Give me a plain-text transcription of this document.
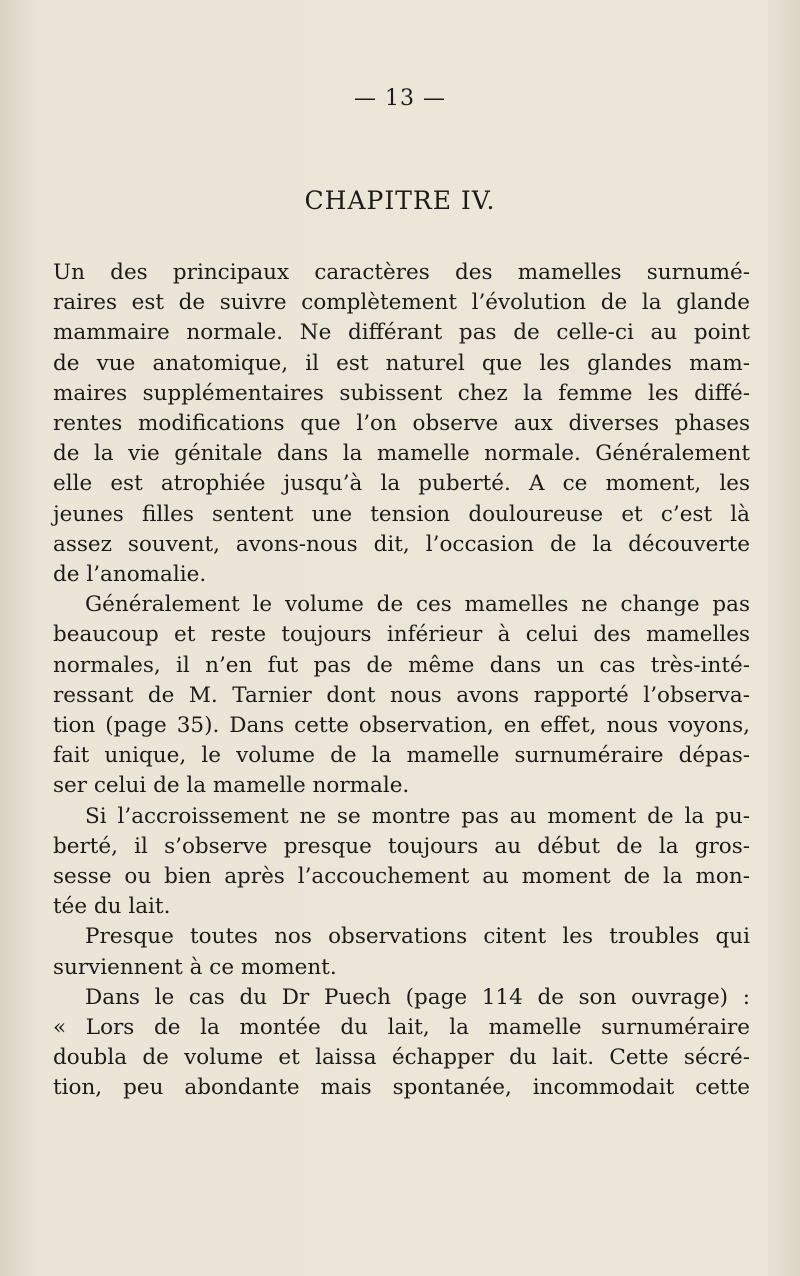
— 13 —
CHAPITRE IV.
Un des principaux caractères des mamelles surnumé-
raires est de suivre complètement l’évolution de la glande
mammaire normale. Ne différant pas de celle-ci au point
de vue anatomique, il est naturel que les glandes mam-
maires supplémentaires subissent chez la femme les diffé-
rentes modifications que l’on observe aux diverses phases
de la vie génitale dans la mamelle normale. Généralement
elle est atrophiée jusqu’à la puberté. A ce moment, les
jeunes filles sentent une tension douloureuse et c’est là
assez souvent, avons-nous dit, l’occasion de la découverte
de l’anomalie.
Généralement le volume de ces mamelles ne change pas
beaucoup et reste toujours inférieur à celui des mamelles
normales, il n’en fut pas de même dans un cas très-inté-
ressant de M. Tarnier dont nous avons rapporté l’observa-
tion (page 35). Dans cette observation, en effet, nous voyons,
fait unique, le volume de la mamelle surnuméraire dépas-
ser celui de la mamelle normale.
Si l’accroissement ne se montre pas au moment de la pu-
berté, il s’observe presque toujours au début de la gros-
sesse ou bien après l’accouchement au moment de la mon-
tée du lait.
Presque toutes nos observations citent les troubles qui
surviennent à ce moment.
Dans le cas du Dr Puech (page 114 de son ouvrage) :
« Lors de la montée du lait, la mamelle surnuméraire
doubla de volume et laissa échapper du lait. Cette sécré-
tion, peu abondante mais spontanée, incommodait cette
